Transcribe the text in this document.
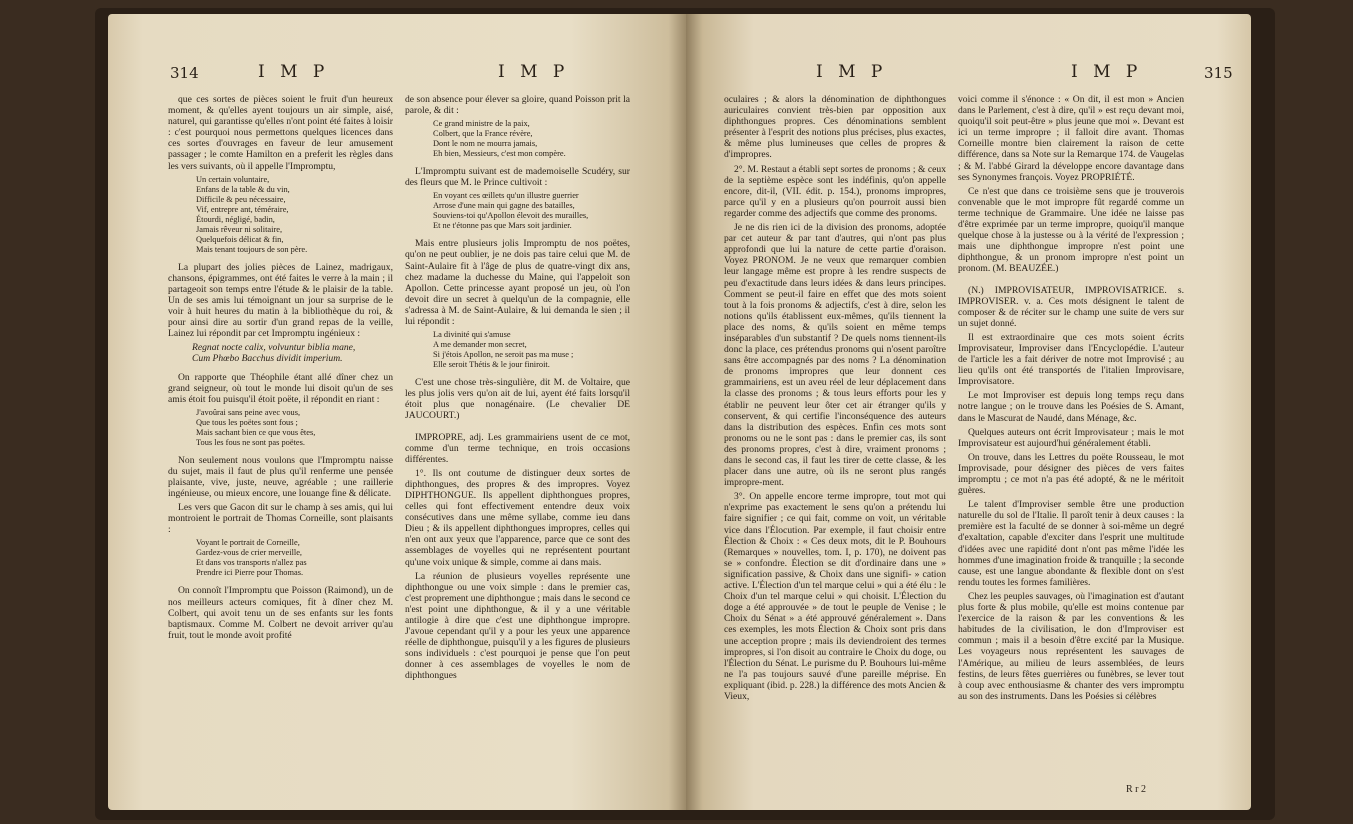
314	I M P	I M P

que ces sortes de pièces soient le fruit d'un heureux moment, & qu'elles ayent toujours un air simple, aisé, naturel, qui garantisse qu'elles n'ont point été faites à loisir : c'est pourquoi nous permettons quelques licences dans ces sortes d'ouvrages en faveur de leur amusement passager ; le comte Hamilton en a preferit les règles dans les vers suivants, où il appelle l'Impromptu,

Un certain voluntaire,

Enfans de la table & du vin,

Difficile & peu nécessaire,

Vif, entrepre ant, téméraire,

Étourdi, négligé, badin,

Jamais rêveur ni solitaire,

Quelquefois délicat & fin,

Mais tenant toujours de son père.

La plupart des jolies pièces de Lainez, madrigaux, chansons, épigrammes, ont été faites le verre à la main ; il partageoit son temps entre l'étude & le plaisir de la table. Un de ses amis lui témoignant un jour sa surprise de le voir à huit heures du matin à la bibliothèque du roi, & pour ainsi dire au sortir d'un grand repas de la veille, Lainez lui répondit par cet Impromptu ingénieux :

Regnat nocte calix, volvuntur biblia mane,

Cum Phœbo Bacchus dividit imperium.

On rapporte que Théophile étant allé dîner chez un grand seigneur, où tout le monde lui disoit qu'un de ses amis étoit fou puisqu'il étoit poëte, il répondit en riant :

J'avoûrai sans peine avec vous,

Que tous les poëtes sont fous ;

Mais sachant bien ce que vous êtes,

Tous les fous ne sont pas poëtes.

Non seulement nous voulons que l'Impromptu naisse du sujet, mais il faut de plus qu'il renferme une pensée plaisante, vive, juste, neuve, agréable ; une raillerie ingénieuse, ou mieux encore, une louange fine & délicate.

Les vers que Gacon dit sur le champ à ses amis, qui lui montroient le portrait de Thomas Corneille, sont plaisants :

Voyant le portrait de Corneille,

Gardez-vous de crier merveille,

Et dans vos transports n'allez pas

Prendre ici Pierre pour Thomas.

On connoît l'Impromptu que Poisson (Raimond), un de nos meilleurs acteurs comiques, fit à dîner chez M. Colbert, qui avoit tenu un de ses enfants sur les fonts baptismaux. Comme M. Colbert ne devoit arriver qu'au fruit, tout le monde avoit profité

de son absence pour élever sa gloire, quand Poisson prit la parole, & dit :

Ce grand ministre de la paix,

Colbert, que la France révère,

Dont le nom ne mourra jamais,

Eh bien, Messieurs, c'est mon compère.

L'Impromptu suivant est de mademoiselle Scudéry, sur des fleurs que M. le Prince cultivoit :

En voyant ces œillets qu'un illustre guerrier

Arrose d'une main qui gagne des batailles,

Souviens-toi qu'Apollon élevoit des murailles,

Et ne t'étonne pas que Mars soit jardinier.

Mais entre plusieurs jolis Impromptu de nos poëtes, qu'on ne peut oublier, je ne dois pas taire celui que M. de Saint-Aulaire fit à l'âge de plus de quatre-vingt dix ans, chez madame la duchesse du Maine, qui l'appeloit son Apollon. Cette princesse ayant proposé un jeu, où l'on devoit dire un secret à quelqu'un de la compagnie, elle s'adressa à M. de Saint-Aulaire, & lui demanda le sien ; il lui répondit :

La divinité qui s'amuse

A me demander mon secret,

Si j'étois Apollon, ne seroit pas ma muse ;

Elle seroit Thétis & le jour finiroit.

C'est une chose très-singulière, dit M. de Voltaire, que les plus jolis vers qu'on ait de lui, ayent été faits lorsqu'il étoit plus que nonagénaire. (Le chevalier DE JAUCOURT.)

IMPROPRE, adj. Les grammairiens usent de ce mot, comme d'un terme technique, en trois occasions différentes.

1°. Ils ont coutume de distinguer deux sortes de diphthongues, des propres & des impropres. Voyez DIPHTHONGUE. Ils appellent diphthongues propres, celles qui font effectivement entendre deux voix consécutives dans une même syllabe, comme ieu dans Dieu ; & ils appellent diphthongues impropres, celles qui n'en ont aux yeux que l'apparence, parce que ce sont des assemblages de voyelles qui ne représentent pourtant qu'une voix unique & simple, comme ai dans mais.

La réunion de plusieurs voyelles représente une diphthongue ou une voix simple : dans le premier cas, c'est proprement une diphthongue ; mais dans le second ce n'est point une diphthongue, & il y a une véritable antilogie à dire que c'est une diphthongue impropre. J'avoue cependant qu'il y a pour les yeux une apparence réelle de diphthongue, puisqu'il y a les figures de plusieurs sons individuels : c'est pourquoi je pense que l'on peut donner à ces assemblages de voyelles le nom de diphthongues

I M P	I M P	315

oculaires ; & alors la dénomination de diphthongues auriculaires convient très-bien par opposition aux diphthongues propres. Ces dénominations semblent présenter à l'esprit des notions plus précises, plus exactes, & même plus lumineuses que celles de propres & d'impropres.

2°. M. Restaut a établi sept sortes de pronoms ; & ceux de la septième espèce sont les indéfinis, qu'on appelle encore, dit-il, (VII. édit. p. 154.), pronoms impropres, parce qu'il y en a plusieurs qu'on pourroit aussi bien regarder comme des adjectifs que comme des pronoms.

Je ne dis rien ici de la division des pronoms, adoptée par cet auteur & par tant d'autres, qui n'ont pas plus approfondi que lui la nature de cette partie d'oraison. Voyez PRONOM. Je ne veux que remarquer combien leur langage même est propre à les rendre suspects de peu d'exactitude dans leurs idées & dans leurs principes. Comment se peut-il faire en effet que des mots soient tout à la fois pronoms & adjectifs, c'est à dire, selon les notions qu'ils établissent eux-mêmes, qu'ils tiennent la place des noms, & qu'ils soient en même temps inséparables d'un substantif ? De quels noms tiennent-ils donc la place, ces prétendus pronoms qui n'osent paroître sans être accompagnés par des noms ? La dénomination de pronoms impropres que leur donnent ces grammairiens, est un aveu réel de leur déplacement dans la classe des pronoms ; & tous leurs efforts pour les y établir ne peuvent leur ôter cet air étranger qu'ils y conservent, & qui certifie l'inconséquence des auteurs dans la distribution des espèces. Enfin ces mots sont pronoms ou ne le sont pas : dans le premier cas, ils sont des pronoms propres, c'est à dire, vraiment pronoms ; dans le second cas, il faut les tirer de cette classe, & les placer dans une autre, où ils ne seront plus rangés impropre-ment.

3°. On appelle encore terme impropre, tout mot qui n'exprime pas exactement le sens qu'on a prétendu lui faire signifier ; ce qui fait, comme on voit, un véritable vice dans l'Élocution. Par exemple, il faut choisir entre Élection & Choix : « Ces deux mots, dit le P. Bouhours (Remarques » nouvelles, tom. I, p. 170), ne doivent pas se » confondre. Élection se dit d'ordinaire dans une » signification passive, & Choix dans une signifi- » cation active. L'Élection d'un tel marque celui » qui a été élu : le Choix d'un tel marque celui » qui choisit. L'Élection du doge a été approuvée » de tout le peuple de Venise ; le Choix du Sénat » a été approuvé généralement ». Dans ces exemples, les mots Élection & Choix sont pris dans une acception propre ; mais ils deviendroient des termes impropres, si l'on disoit au contraire le Choix du doge, ou l'Élection du Sénat. Le purisme du P. Bouhours lui-même ne l'a pas toujours sauvé d'une pareille méprise. En expliquant (ibid. p. 228.) la différence des mots Ancien & Vieux,

voici comme il s'énonce : « On dit, il est mon » Ancien dans le Parlement, c'est à dire, qu'il » est reçu devant moi, quoiqu'il soit peut-être » plus jeune que moi ». Devant est ici un terme impropre ; il falloit dire avant. Thomas Corneille montre bien clairement la raison de cette différence, dans sa Note sur la Remarque 174. de Vaugelas ; & M. l'abbé Girard la développe encore davantage dans ses Synonymes françois. Voyez PROPRIÉTÉ.

Ce n'est que dans ce troisième sens que je trouverois convenable que le mot impropre fût regardé comme un terme technique de Grammaire. Une idée ne laisse pas d'être exprimée par un terme impropre, quoiqu'il manque quelque chose à la justesse ou à la vérité de l'expression ; mais une diphthongue impropre n'est point une diphthongue, & un pronom impropre n'est point un pronom. (M. BEAUZÉE.)

(N.) IMPROVISATEUR, IMPROVISATRICE. s. IMPROVISER. v. a. Ces mots désignent le talent de composer & de réciter sur le champ une suite de vers sur un sujet donné.

Il est extraordinaire que ces mots soient écrits Improvisateur, Improviser dans l'Encyclopédie. L'auteur de l'article les a fait dériver de notre mot Improvisé ; au lieu qu'ils ont été transportés de l'italien Improvisare, Improvisatore.

Le mot Improviser est depuis long temps reçu dans notre langue ; on le trouve dans les Poésies de S. Amant, dans le Mascurat de Naudé, dans Ménage, &c.

Quelques auteurs ont écrit Improvisateur ; mais le mot Improvisateur est aujourd'hui généralement établi.

On trouve, dans les Lettres du poëte Rousseau, le mot Improvisade, pour désigner des pièces de vers faites impromptu ; ce mot n'a pas été adopté, & ne le méritoit guères.

Le talent d'Improviser semble être une production naturelle du sol de l'Italie. Il paroît tenir à deux causes : la première est la faculté de se donner à soi-même un degré d'exaltation, capable d'exciter dans l'esprit une multitude d'idées avec une rapidité dont n'ont pas même l'idée les hommes d'une imagination froide & tranquille ; la seconde cause, est une langue abondante & flexible dont on s'est rendu toutes les formes familières.

Chez les peuples sauvages, où l'imagination est d'autant plus forte & plus mobile, qu'elle est moins contenue par l'exercice de la raison & par les conventions & les habitudes de la civilisation, le don d'Improviser est commun ; mais il a besoin d'être excité par la Musique. Les voyageurs nous représentent les sauvages de l'Amérique, au milieu de leurs assemblées, de leurs festins, de leurs fêtes guerrières ou funèbres, se lever tout à coup avec enthousiasme & chanter des vers impromptu au son des instruments. Dans les Poésies si célèbres

R r 2
